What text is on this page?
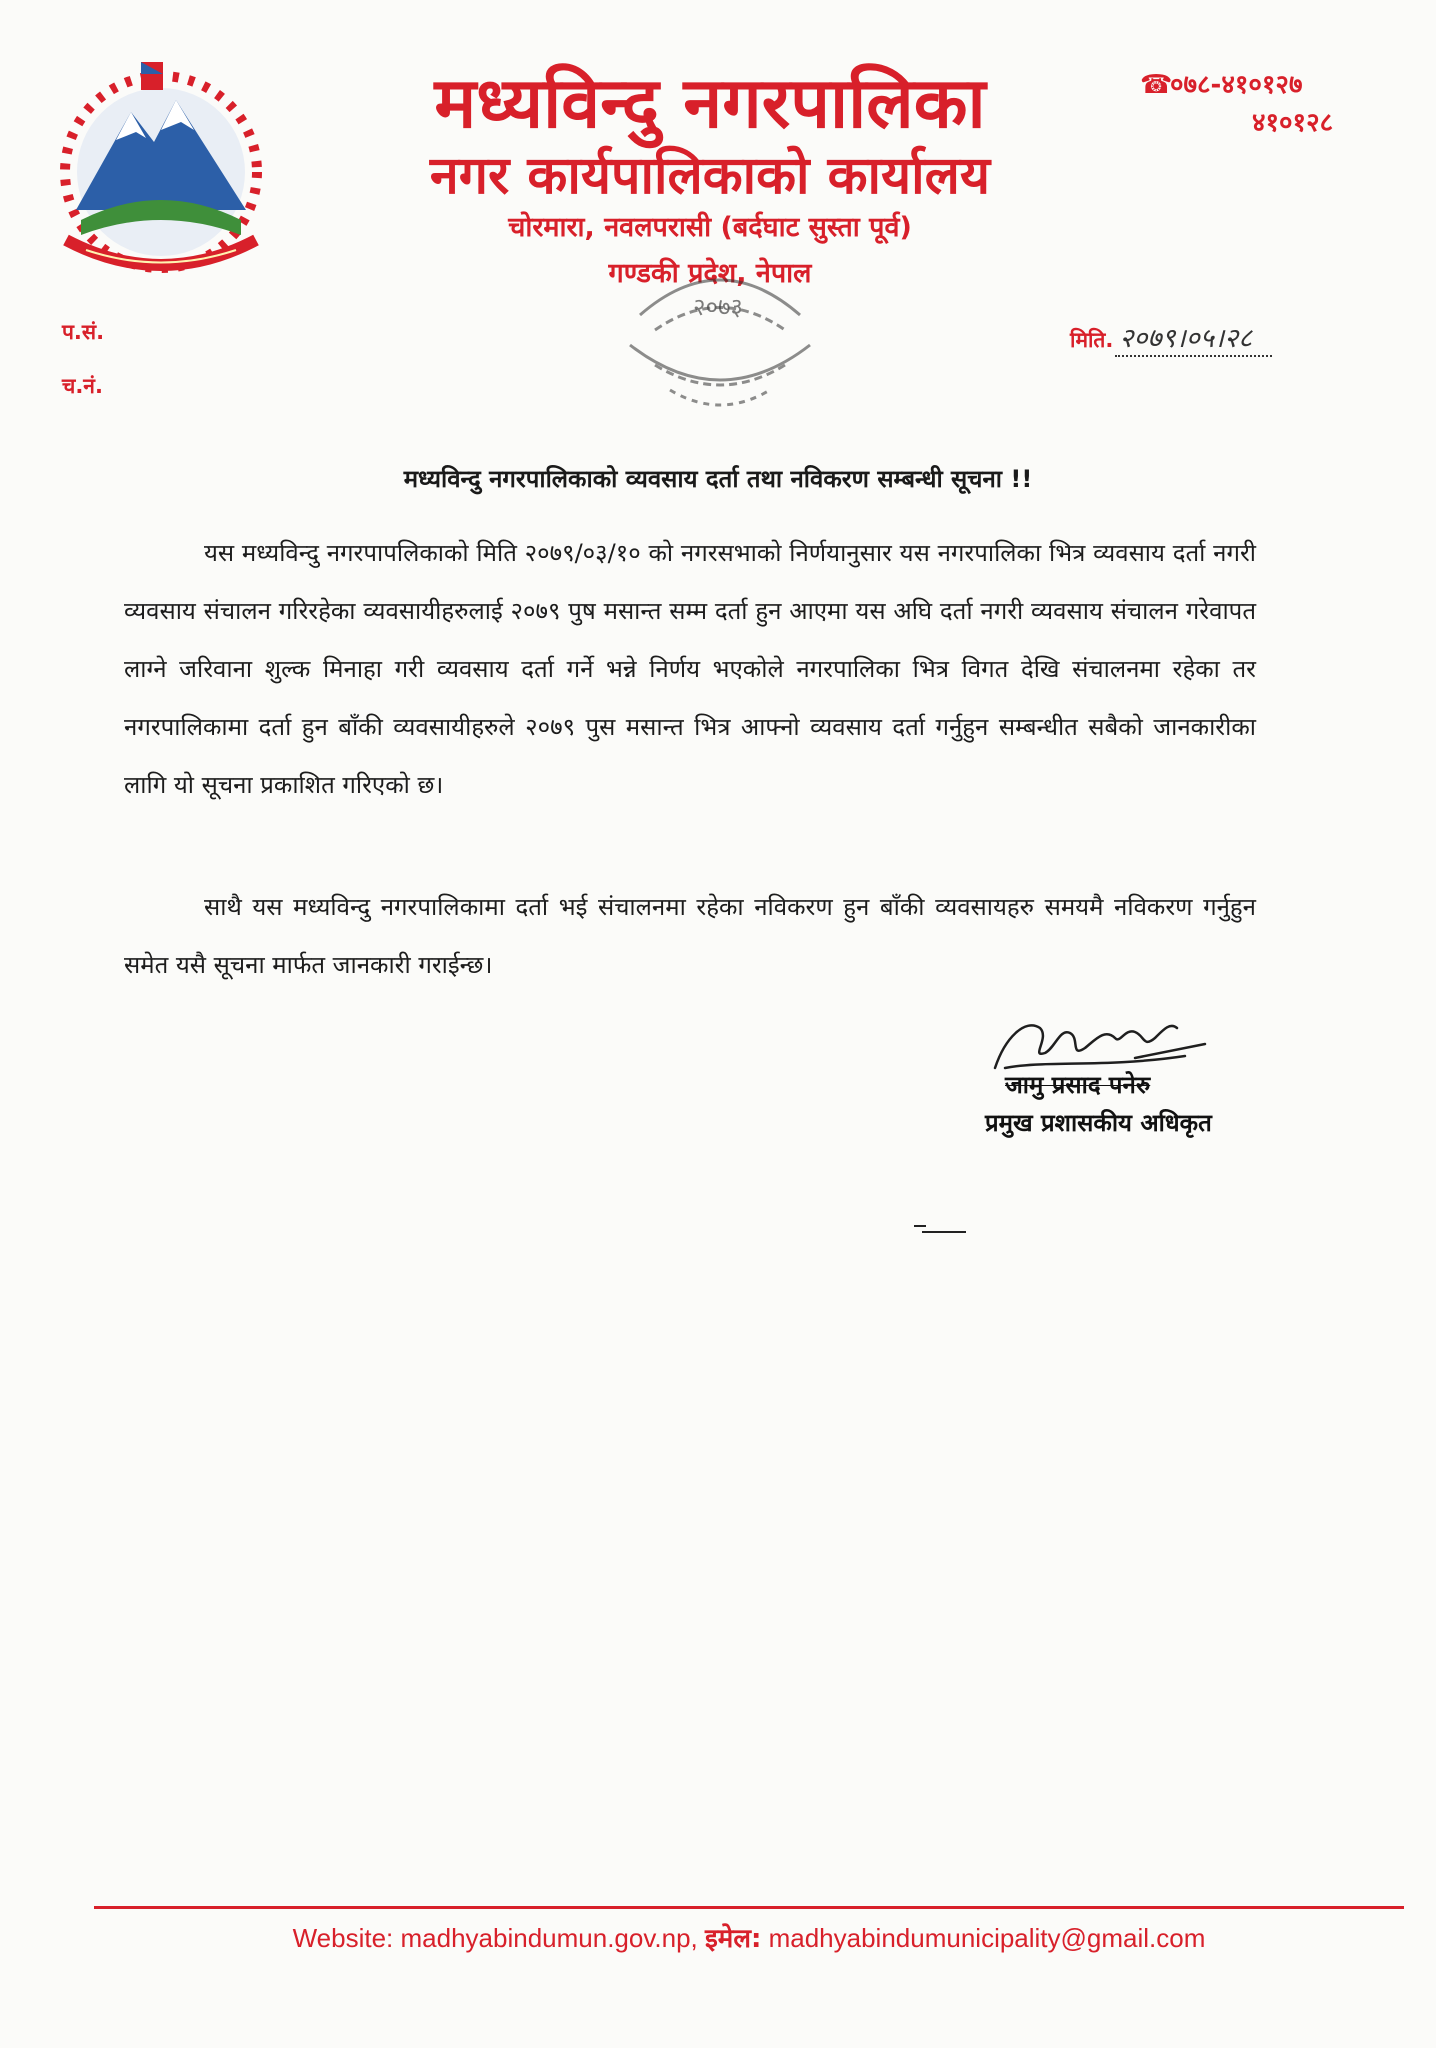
मध्यविन्दु नगरपालिका
नगर कार्यपालिकाको कार्यालय
चोरमारा, नवलपरासी (बर्दघाट सुस्ता पूर्व)
गण्डकी प्रदेश, नेपाल
☎०७८-४१०१२७
४१०१२८
प.सं.
च.नं.
मिति. २०७९।०५।२८
२०७३
मध्यविन्दु नगरपालिकाको व्यवसाय दर्ता तथा नविकरण सम्बन्धी सूचना !!
यस मध्यविन्दु नगरपापलिकाको मिति २०७९/०३/१० को नगरसभाको निर्णयानुसार यस नगरपालिका भित्र व्यवसाय दर्ता नगरी व्यवसाय संचालन गरिरहेका व्यवसायीहरुलाई २०७९ पुष मसान्त सम्म दर्ता हुन आएमा यस अघि दर्ता नगरी व्यवसाय संचालन गरेवापत लाग्ने जरिवाना शुल्क मिनाहा गरी व्यवसाय दर्ता गर्ने भन्ने निर्णय भएकोले नगरपालिका भित्र विगत देखि संचालनमा रहेका तर नगरपालिकामा दर्ता हुन बाँकी व्यवसायीहरुले २०७९ पुस मसान्त भित्र आफ्नो व्यवसाय दर्ता गर्नुहुन सम्बन्धीत सबैको जानकारीका लागि यो सूचना प्रकाशित गरिएको छ।
साथै यस मध्यविन्दु नगरपालिकामा दर्ता भई संचालनमा रहेका नविकरण हुन बाँकी व्यवसायहरु समयमै नविकरण गर्नुहुन समेत यसै सूचना मार्फत जानकारी गराईन्छ।
जामु प्रसाद पनेरु
प्रमुख प्रशासकीय अधिकृत
Website: madhyabindumun.gov.np, इमेल: madhyabindumunicipality@gmail.com
